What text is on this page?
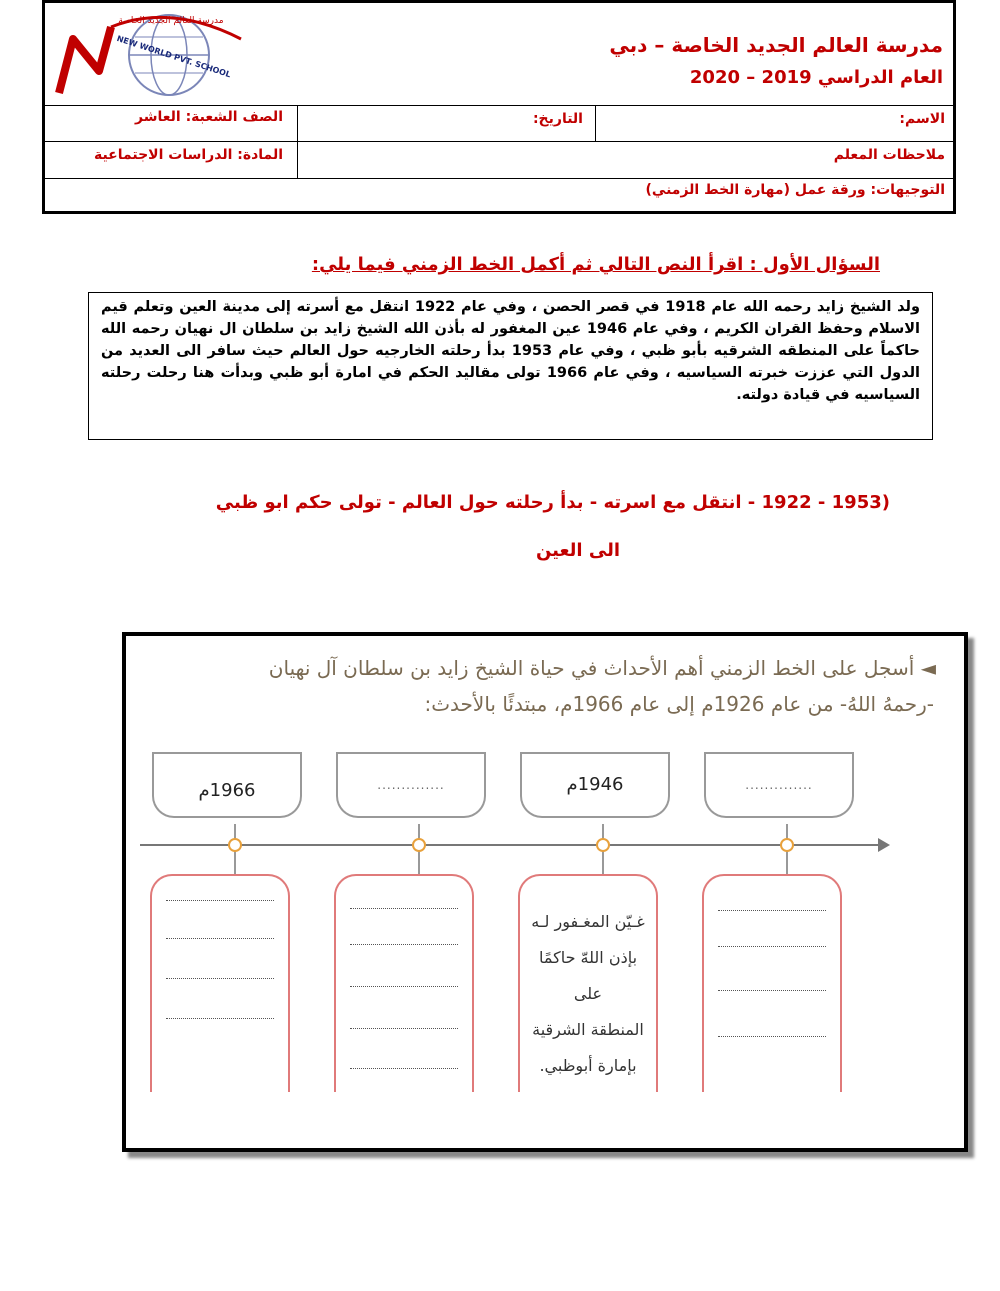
مدرسة العالم الجديد الخاصة
NEW WORLD PVT. SCHOOL	مدرسة العالم الجديد الخاصة – دبي
العام الدراسي 2019 – 2020
الاسم:
التاريخ:
الصف الشعبة: العاشر
ملاحظات المعلم
المادة: الدراسات الاجتماعية
التوجيهات: ورقة عمل (مهارة الخط الزمني)
السؤال الأول : اقرأ النص التالي ثم أكمل الخط الزمني فيما يلي:
ولد الشيخ زايد رحمه الله عام 1918 في قصر الحصن ، وفي عام 1922 انتقل مع أسرته إلى مدينة العين وتعلم قيم الاسلام وحفظ القران الكريم ، وفي عام 1946 عين المغفور له بأذن الله الشيخ زايد بن سلطان ال نهيان رحمه الله حاكماً على المنطقه الشرقيه بأبو ظبي ، وفي عام 1953 بدأ رحلته الخارجيه حول العالم حيث سافر الى العديد من الدول التي عززت خبرته السياسيه ، وفي عام 1966 تولى مقاليد الحكم في امارة أبو ظبي وبدأت هنا رحلت رحلته السياسيه في قيادة دولته.
(1953 - 1922 - انتقل مع اسرته - بدأ رحلته حول العالم - تولى حكم ابو ظبي
الى العين
◄ أسجل على الخط الزمني أهم الأحداث في حياة الشيخ زايد بن سلطان آل نهيان
-رحمهُ اللهُ- من عام 1926م إلى عام 1966م، مبتدئًا بالأحدث:
1966م	..............	1946م	..............
غـيّن المغـفور لـه
بإذن اللهّ حاكمًا على
المنطقة الشرقية
بإمارة أبوظبي.
